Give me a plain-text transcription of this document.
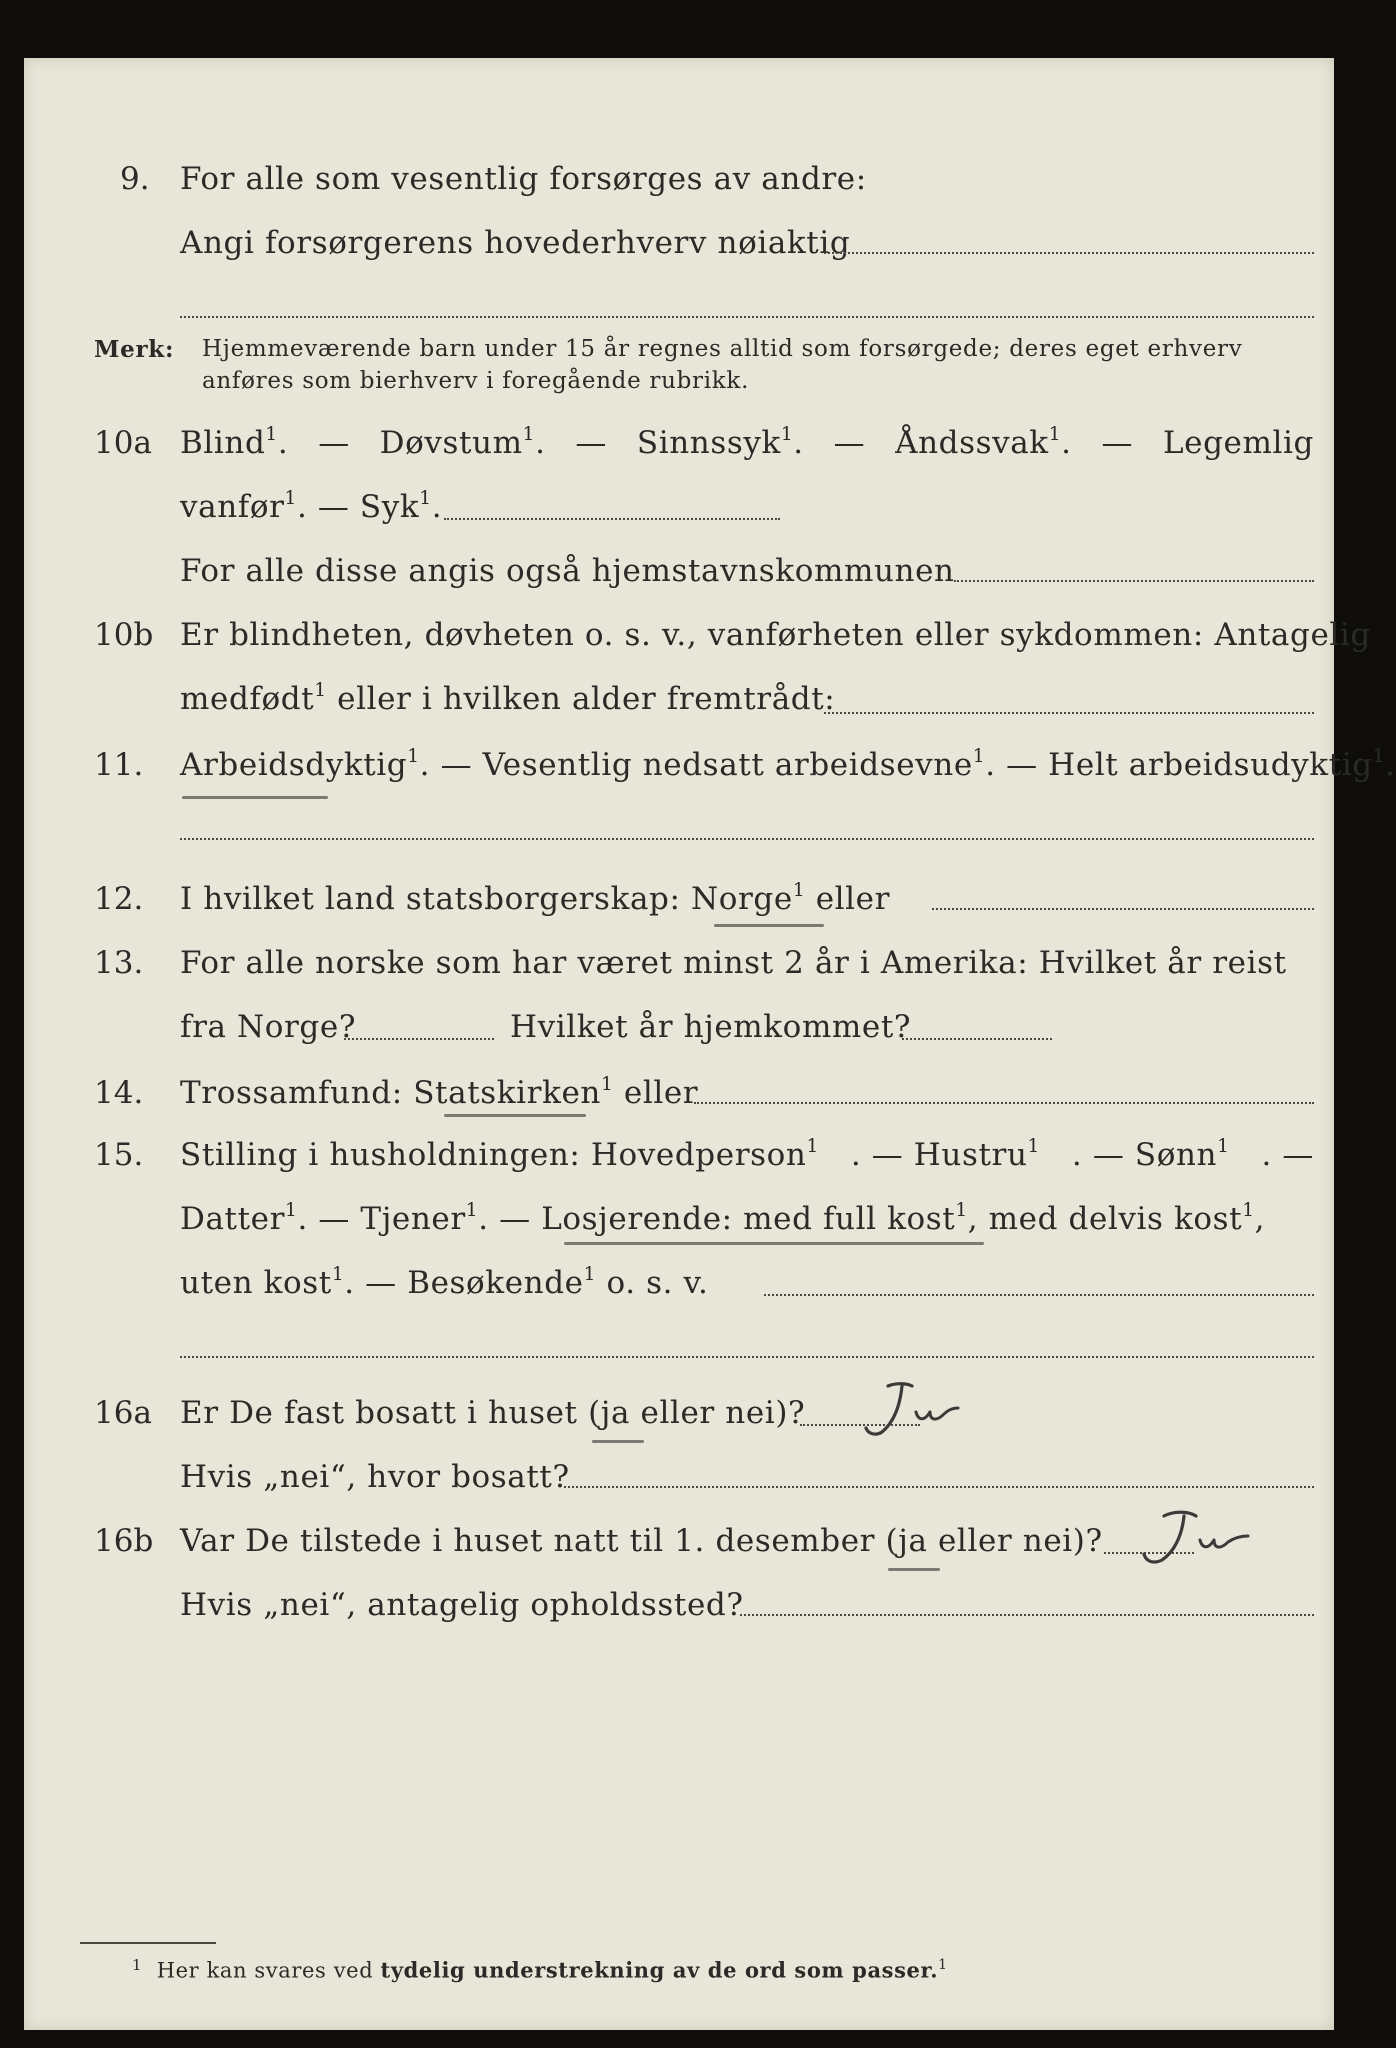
9. For alle som vesentlig forsørges av andre:
Angi forsørgerens hovederhverv nøiaktig
Merk: Hjemmeværende barn under 15 år regnes alltid som forsørgede; deres eget erhverv
anføres som bierhverv i foregående rubrikk.
10a Blind$^1$. — Døvstum$^1$. — Sinnssyk$^1$. — Åndssvak$^1$. — Legemlig
vanfør$^1$. — Syk$^1$.
For alle disse angis også hjemstavnskommunen
10b Er blindheten, døvheten o. s. v., vanførheten eller sykdommen: Antagelig
medfødt$^1$ eller i hvilken alder fremtrådt:
11. Arbeidsdyktig$^1$. — Vesentlig nedsatt arbeidsevne$^1$. — Helt arbeidsudyktig$^1$.
12. I hvilket land statsborgerskap: Norge$^1$ eller
13. For alle norske som har været minst 2 år i Amerika: Hvilket år reist
fra Norge?	Hvilket år hjemkommet?
14. Trossamfund: Statskirken$^1$ eller
15. Stilling i husholdningen: Hovedperson$^1$ . — Hustru$^1$ . — Sønn$^1$ . —
Datter$^1$. — Tjener$^1$. — Losjerende: med full kost$^1$, med delvis kost$^1$,
uten kost$^1$. — Besøkende$^1$ o. s. v.
16a Er De fast bosatt i huset (ja eller nei)?
Hvis „nei“, hvor bosatt?
16b Var De tilstede i huset natt til 1. desember (ja eller nei)?
Hvis „nei“, antagelig opholdssted?
$^1$ Her kan svares ved tydelig understrekning av de ord som passer.$^1$
